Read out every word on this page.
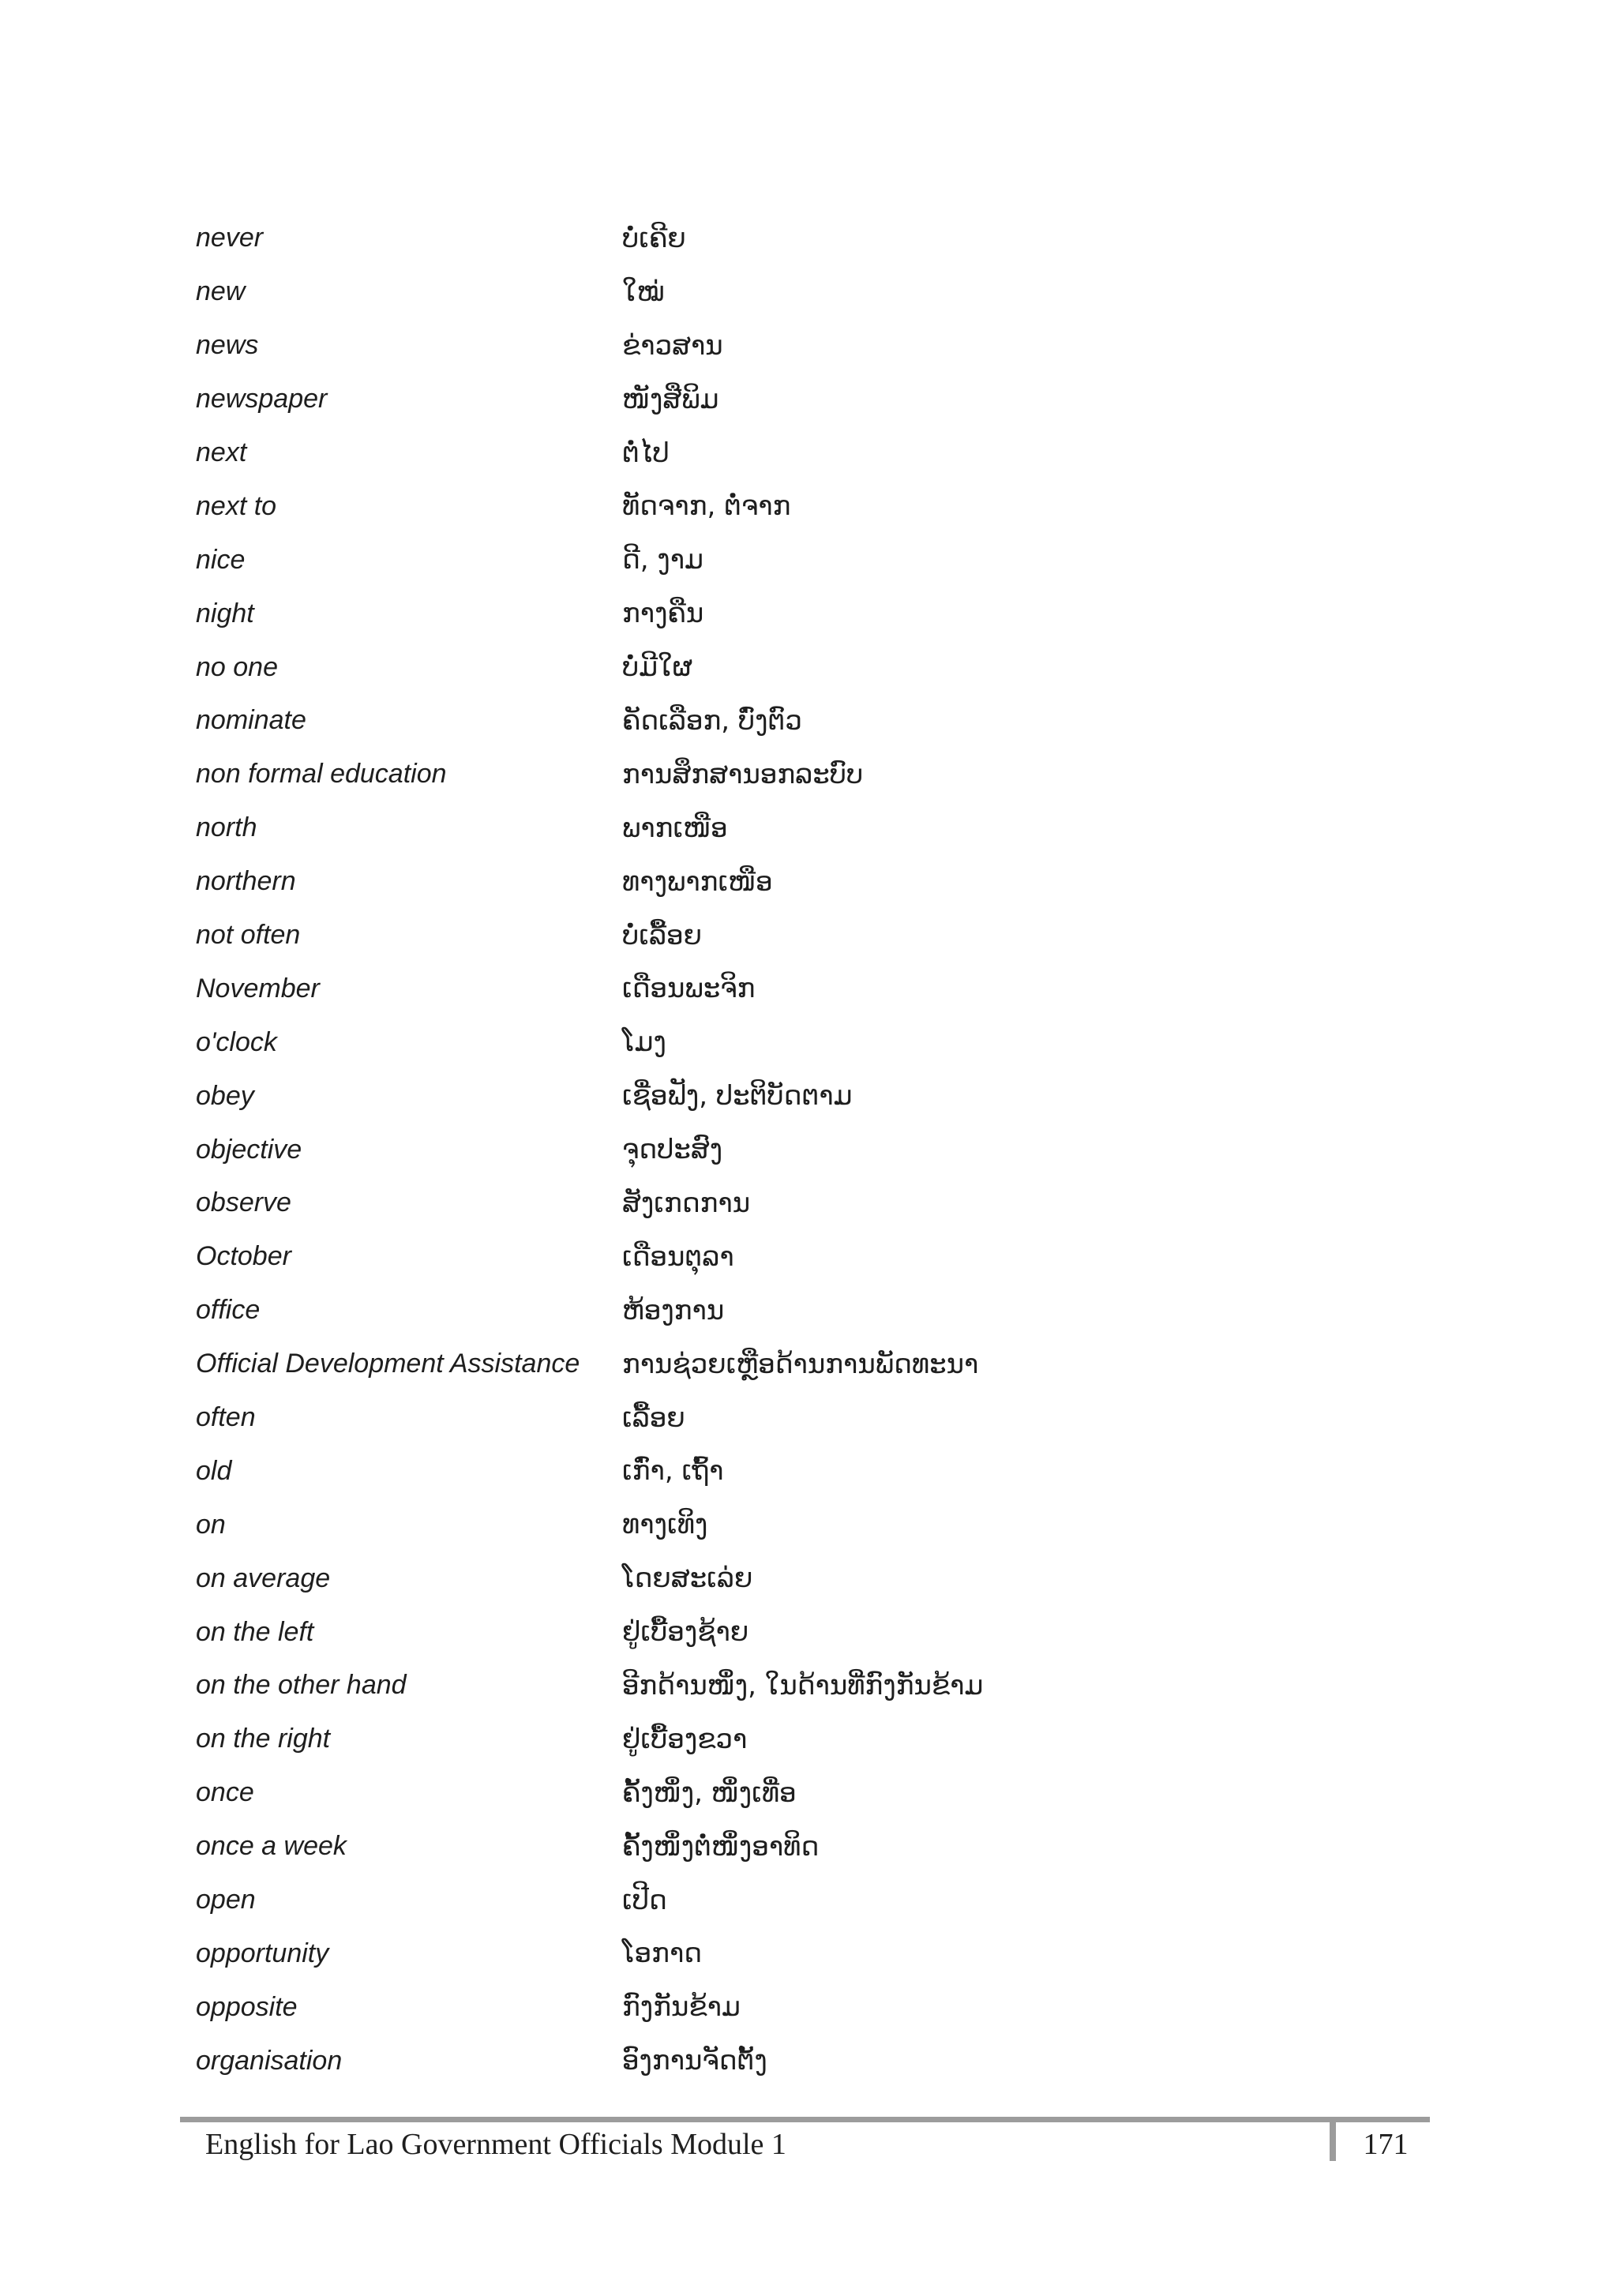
never	ບໍ່ເຄີຍ
new	ໃໝ່
news	ຂ່າວສານ
newspaper	ໜັງສືພິມ
next	ຕໍ່ໄປ
next to	ທັດຈາກ, ຕໍ່ຈາກ
nice	ດີ, ງາມ
night	ກາງຄືນ
no one	ບໍ່ມີໃຜ
nominate	ຄັດເລືອກ, ບົ່ງຕົວ
non formal education	ການສຶກສານອກລະບົບ
north	ພາກເໜືອ
northern	ທາງພາກເໜືອ
not often	ບໍ່ເລື້ອຍ
November	ເດືອນພະຈິກ
o'clock	ໂມງ
obey	ເຊື່ອຟັງ, ປະຕິບັດຕາມ
objective	ຈຸດປະສົງ
observe	ສັງເກດການ
October	ເດືອນຕຸລາ
office	ຫ້ອງການ
Official Development Assistance	ການຊ່ວຍເຫຼືອດ້ານການພັດທະນາ
often	ເລື້ອຍ
old	ເກົ່າ, ເຖົ້າ
on	ທາງເທິງ
on average	ໂດຍສະເລ່ຍ
on the left	ຢູ່ເບື້ອງຊ້າຍ
on the other hand	ອີກດ້ານໜຶ່ງ, ໃນດ້ານທີ່ກົງກັນຂ້າມ
on the right	ຢູ່ເບື້ອງຂວາ
once	ຄັ້ງໜຶ່ງ, ໜຶ່ງເທື່ອ
once a week	ຄັ້ງໜຶ່ງຕໍ່ໜຶ່ງອາທິດ
open	ເປີດ
opportunity	ໂອກາດ
opposite	ກົງກັນຂ້າມ
organisation	ອົງການຈັດຕັ້ງ
English for Lao Government Officials Module 1	171
